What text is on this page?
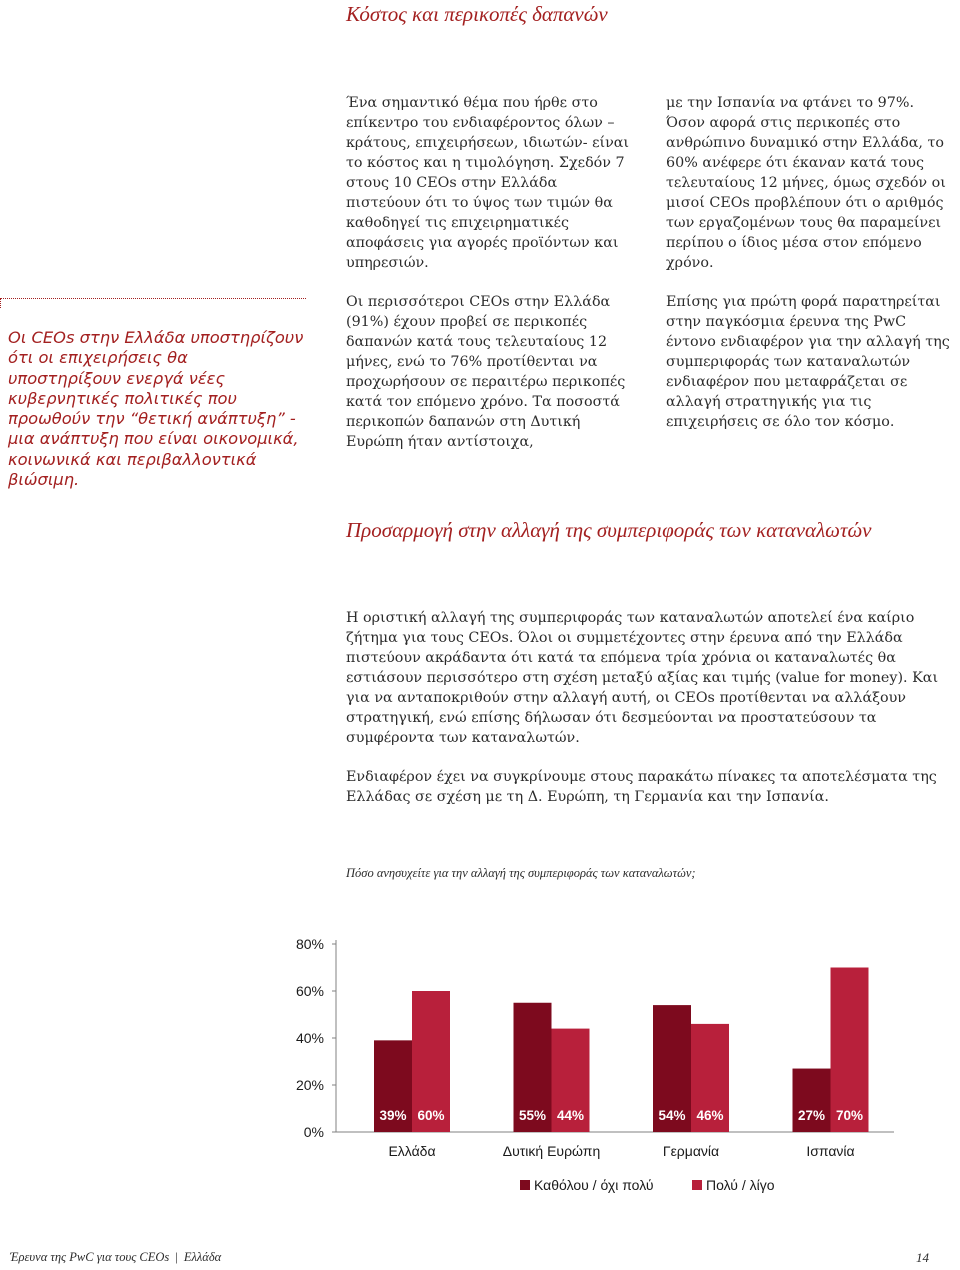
Κόστος και περικοπές δαπανών

Ένα σημαντικό θέμα που ήρθε στο επίκεντρο του ενδιαφέροντος όλων –κράτους, επιχειρήσεων, ιδιωτών- είναι το κόστος και η τιμολόγηση. Σχεδόν 7 στους 10 CEOs στην Ελλάδα πιστεύουν ότι το ύψος των τιμών θα καθοδηγεί τις επιχειρηματικές αποφάσεις για αγορές προϊόντων και υπηρεσιών.

Οι περισσότεροι CEOs στην Ελλάδα (91%) έχουν προβεί σε περικοπές δαπανών κατά τους τελευταίους 12 μήνες, ενώ το 76% προτίθενται να προχωρήσουν σε περαιτέρω περικοπές κατά τον επόμενο χρόνο. Τα ποσοστά περικοπών δαπανών στη Δυτική Ευρώπη ήταν αντίστοιχα,

με την Ισπανία να φτάνει το 97%. Όσον αφορά στις περικοπές στο ανθρώπινο δυναμικό στην Ελλάδα, το 60% ανέφερε ότι έκαναν κατά τους τελευταίους 12 μήνες, όμως σχεδόν οι μισοί CEOs προβλέπουν ότι ο αριθμός των εργαζομένων τους θα παραμείνει περίπου ο ίδιος μέσα στον επόμενο χρόνο.

Επίσης για πρώτη φορά παρατηρείται στην παγκόσμια έρευνα της PwC έντονο ενδιαφέρον για την αλλαγή της συμπεριφοράς των καταναλωτών ενδιαφέρον που μεταφράζεται σε αλλαγή στρατηγικής για τις επιχειρήσεις σε όλο τον κόσμο.

Οι CEOs στην Ελλάδα υποστηρίζουν ότι οι επιχειρήσεις θα υποστηρίξουν ενεργά νέες κυβερνητικές πολιτικές που προωθούν την “θετική ανάπτυξη” - μια ανάπτυξη που είναι οικονομικά, κοινωνικά και περιβαλλοντικά βιώσιμη.
Προσαρμογή στην αλλαγή της συμπεριφοράς των καταναλωτών

Η οριστική αλλαγή της συμπεριφοράς των καταναλωτών αποτελεί ένα καίριο ζήτημα για τους CEOs. Όλοι οι συμμετέχοντες στην έρευνα από την Ελλάδα πιστεύουν ακράδαντα ότι κατά τα επόμενα τρία χρόνια οι καταναλωτές θα εστιάσουν περισσότερο στη σχέση μεταξύ αξίας και τιμής (value for money). Και για να ανταποκριθούν στην αλλαγή αυτή, οι CEOs προτίθενται να αλλάξουν στρατηγική, ενώ επίσης δήλωσαν ότι δεσμεύονται να προστατεύσουν τα συμφέροντα των καταναλωτών.

Ενδιαφέρον έχει να συγκρίνουμε στους παρακάτω πίνακες τα αποτελέσματα της Ελλάδας σε σχέση με τη Δ. Ευρώπη, τη Γερμανία και την Ισπανία.

Πόσο ανησυχείτε για την αλλαγή της συμπεριφοράς των καταναλωτών;
0%
20%
40%
60%
80%
39% 60%
Ελλάδα
55% 44%
Δυτική Ευρώπη
54% 46%
Γερμανία
27% 70%
Ισπανία
Καθόλου / όχι πολύ	Πολύ / λίγο
Έρευνα της PwC για τους CEOs | Ελλάδα	14
